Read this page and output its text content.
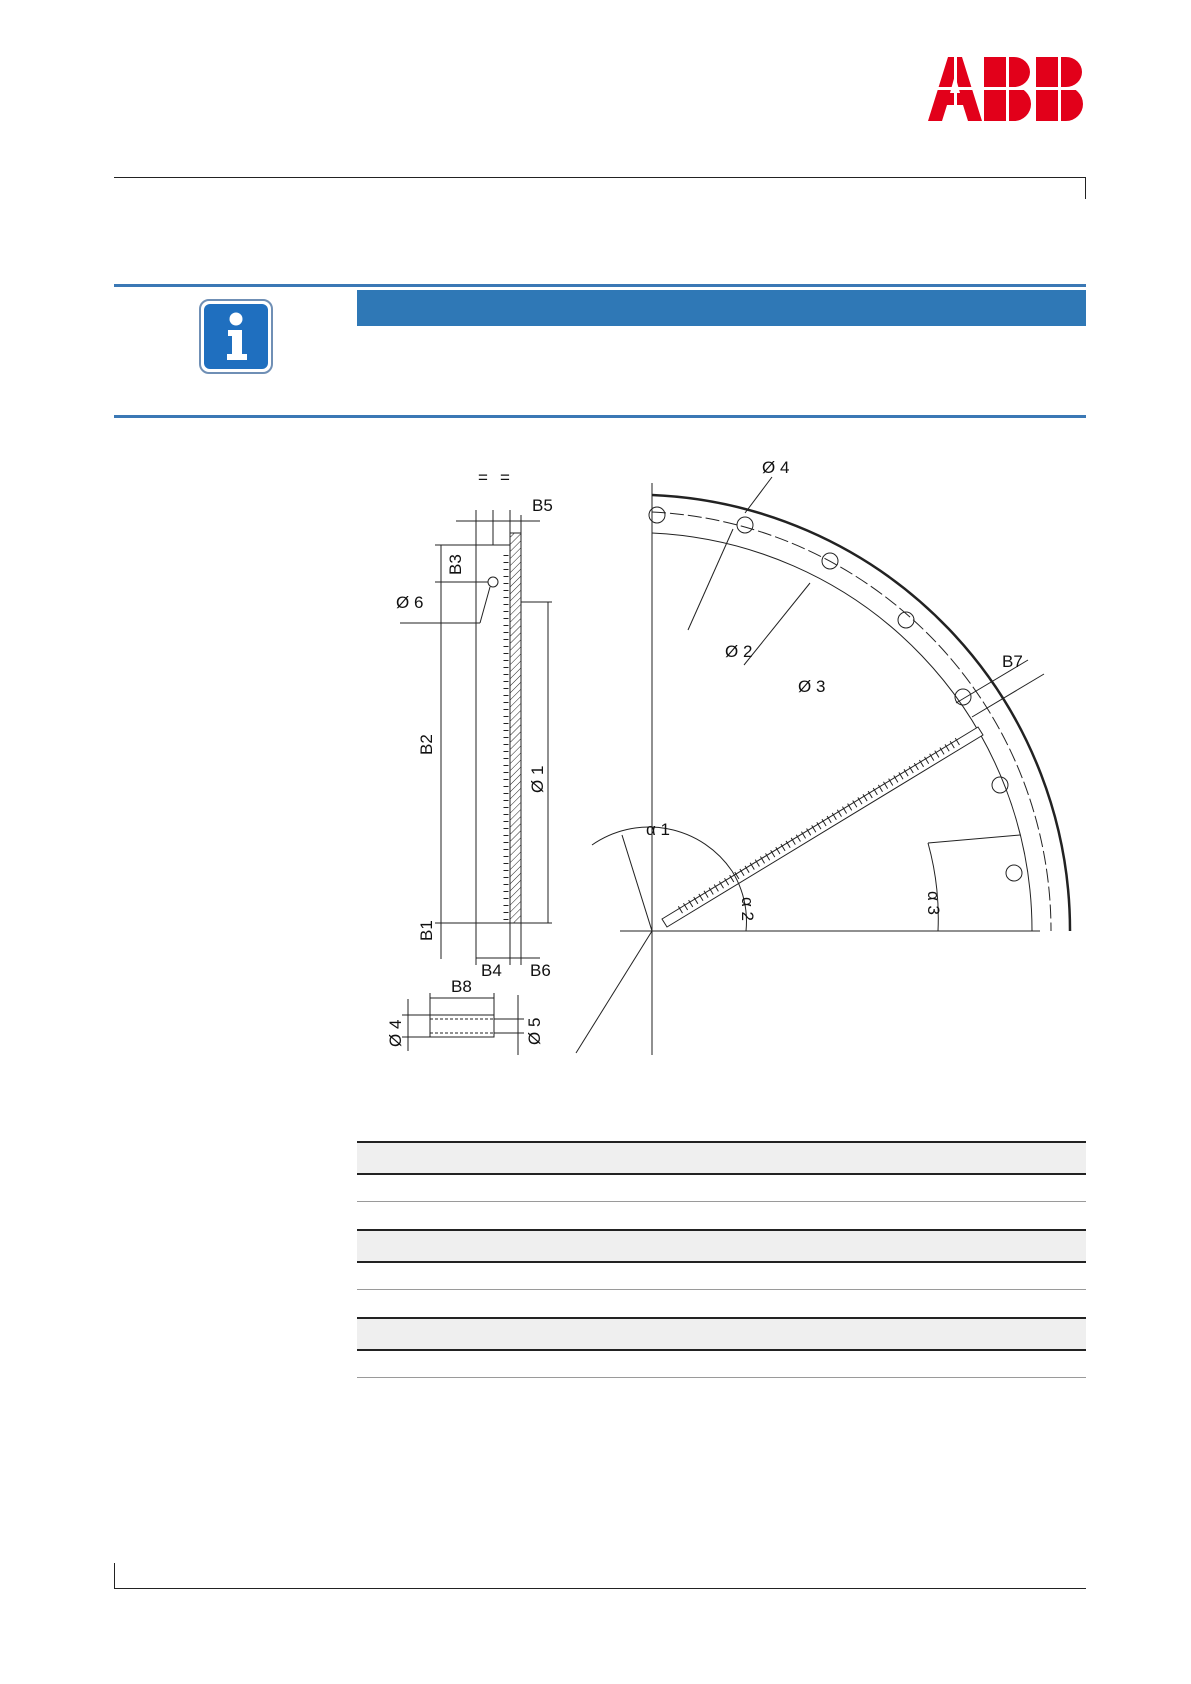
= =
B5
B3
Ø 6
B2
B1
B4 B6
Ø 1
Ø 4
Ø 2
Ø 3
B7
α 1
α 2	α 3
B8
Ø 4	Ø 5
